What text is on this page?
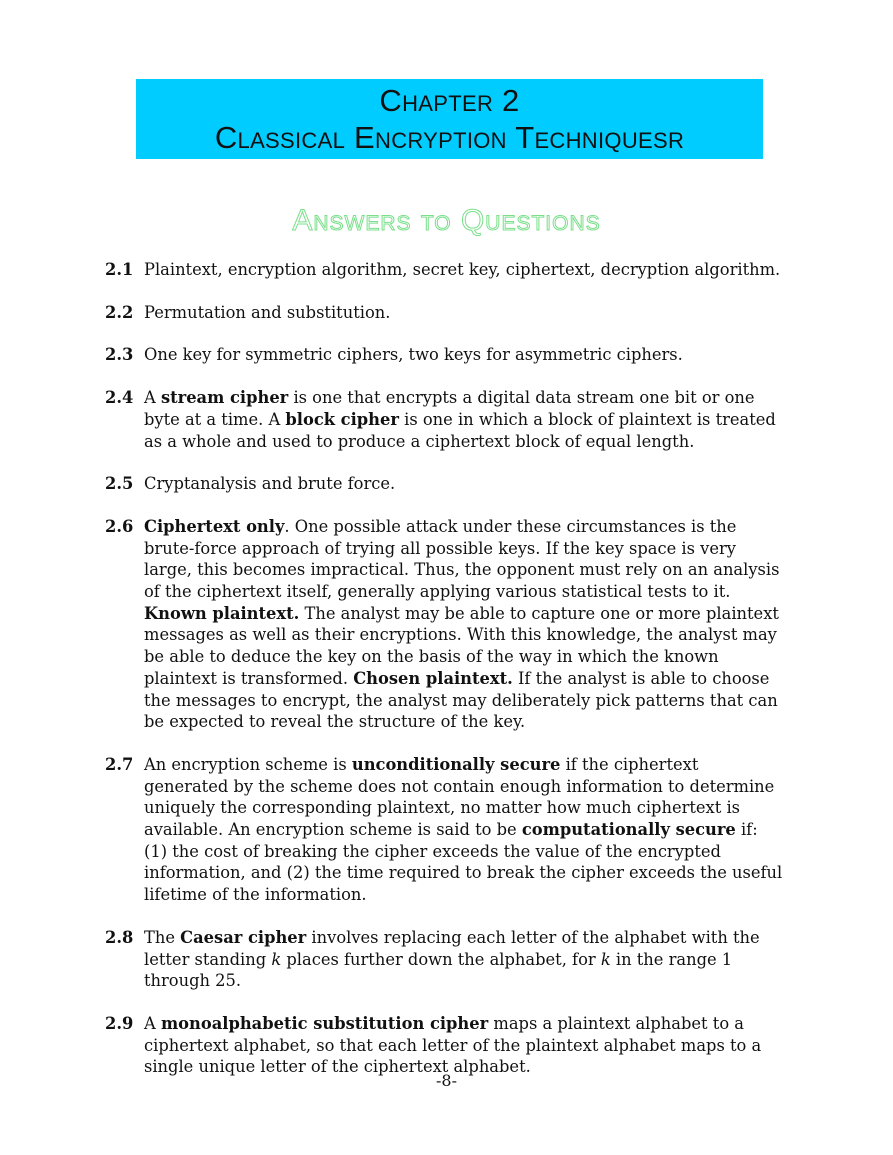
Chapter 2
Classical Encryption Techniquesr
Answers to Questions
2.1 Plaintext, encryption algorithm, secret key, ciphertext, decryption algorithm.
2.2 Permutation and substitution.
2.3 One key for symmetric ciphers, two keys for asymmetric ciphers.
2.4 A stream cipher is one that encrypts a digital data stream one bit or one byte at a time. A block cipher is one in which a block of plaintext is treated as a whole and used to produce a ciphertext block of equal length.
2.5 Cryptanalysis and brute force.
2.6 Ciphertext only. One possible attack under these circumstances is the brute-force approach of trying all possible keys. If the key space is very large, this becomes impractical. Thus, the opponent must rely on an analysis of the ciphertext itself, generally applying various statistical tests to it. Known plaintext. The analyst may be able to capture one or more plaintext messages as well as their encryptions. With this knowledge, the analyst may be able to deduce the key on the basis of the way in which the known plaintext is transformed. Chosen plaintext. If the analyst is able to choose the messages to encrypt, the analyst may deliberately pick patterns that can be expected to reveal the structure of the key.
2.7 An encryption scheme is unconditionally secure if the ciphertext generated by the scheme does not contain enough information to determine uniquely the corresponding plaintext, no matter how much ciphertext is available. An encryption scheme is said to be computationally secure if: (1) the cost of breaking the cipher exceeds the value of the encrypted information, and (2) the time required to break the cipher exceeds the useful lifetime of the information.
2.8 The Caesar cipher involves replacing each letter of the alphabet with the letter standing k places further down the alphabet, for k in the range 1 through 25.
2.9 A monoalphabetic substitution cipher maps a plaintext alphabet to a ciphertext alphabet, so that each letter of the plaintext alphabet maps to a single unique letter of the ciphertext alphabet.
-8-
